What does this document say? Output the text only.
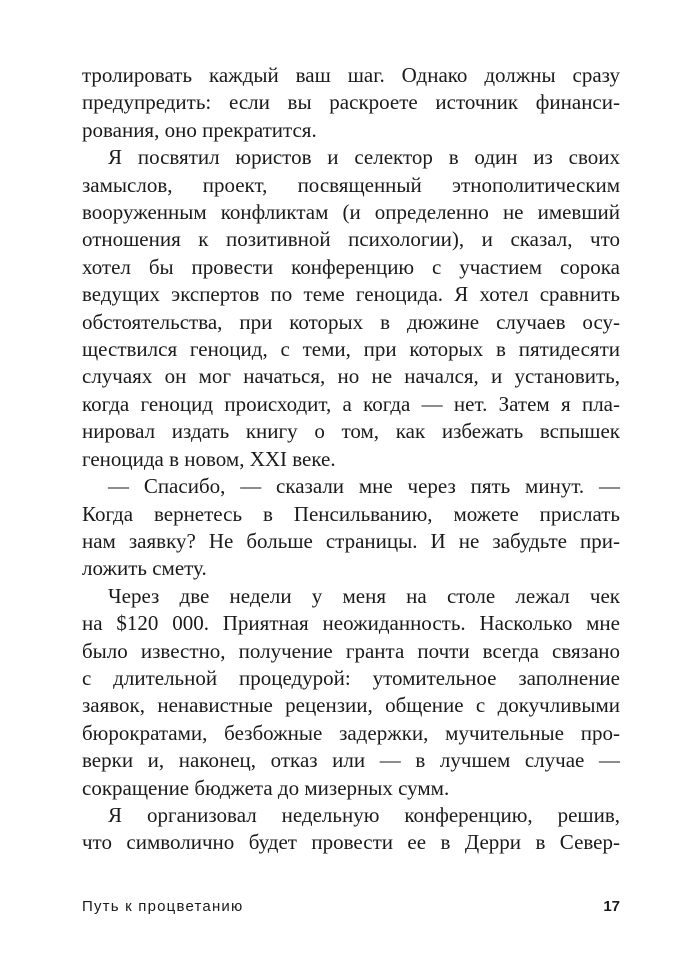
тролировать каждый ваш шаг. Однако должны сразу
предупредить: если вы раскроете источник финанси-
рования, оно прекратится.
Я посвятил юристов и селектор в один из своих
замыслов, проект, посвященный этнополитическим
вооруженным конфликтам (и определенно не имевший
отношения к позитивной психологии), и сказал, что
хотел бы провести конференцию с участием сорока
ведущих экспертов по теме геноцида. Я хотел сравнить
обстоятельства, при которых в дюжине случаев осу-
ществился геноцид, с теми, при которых в пятидесяти
случаях он мог начаться, но не начался, и установить,
когда геноцид происходит, а когда — нет. Затем я пла-
нировал издать книгу о том, как избежать вспышек
геноцида в новом, XXI веке.
— Спасибо, — сказали мне через пять минут. —
Когда вернетесь в Пенсильванию, можете прислать
нам заявку? Не больше страницы. И не забудьте при-
ложить смету.
Через две недели у меня на столе лежал чек
на $120 000. Приятная неожиданность. Насколько мне
было известно, получение гранта почти всегда связано
с длительной процедурой: утомительное заполнение
заявок, ненавистные рецензии, общение с докучливыми
бюрократами, безбожные задержки, мучительные про-
верки и, наконец, отказ или — в лучшем случае —
сокращение бюджета до мизерных сумм.
Я организовал недельную конференцию, решив,
что символично будет провести ее в Дерри в Север-
Путь к процветанию	17
